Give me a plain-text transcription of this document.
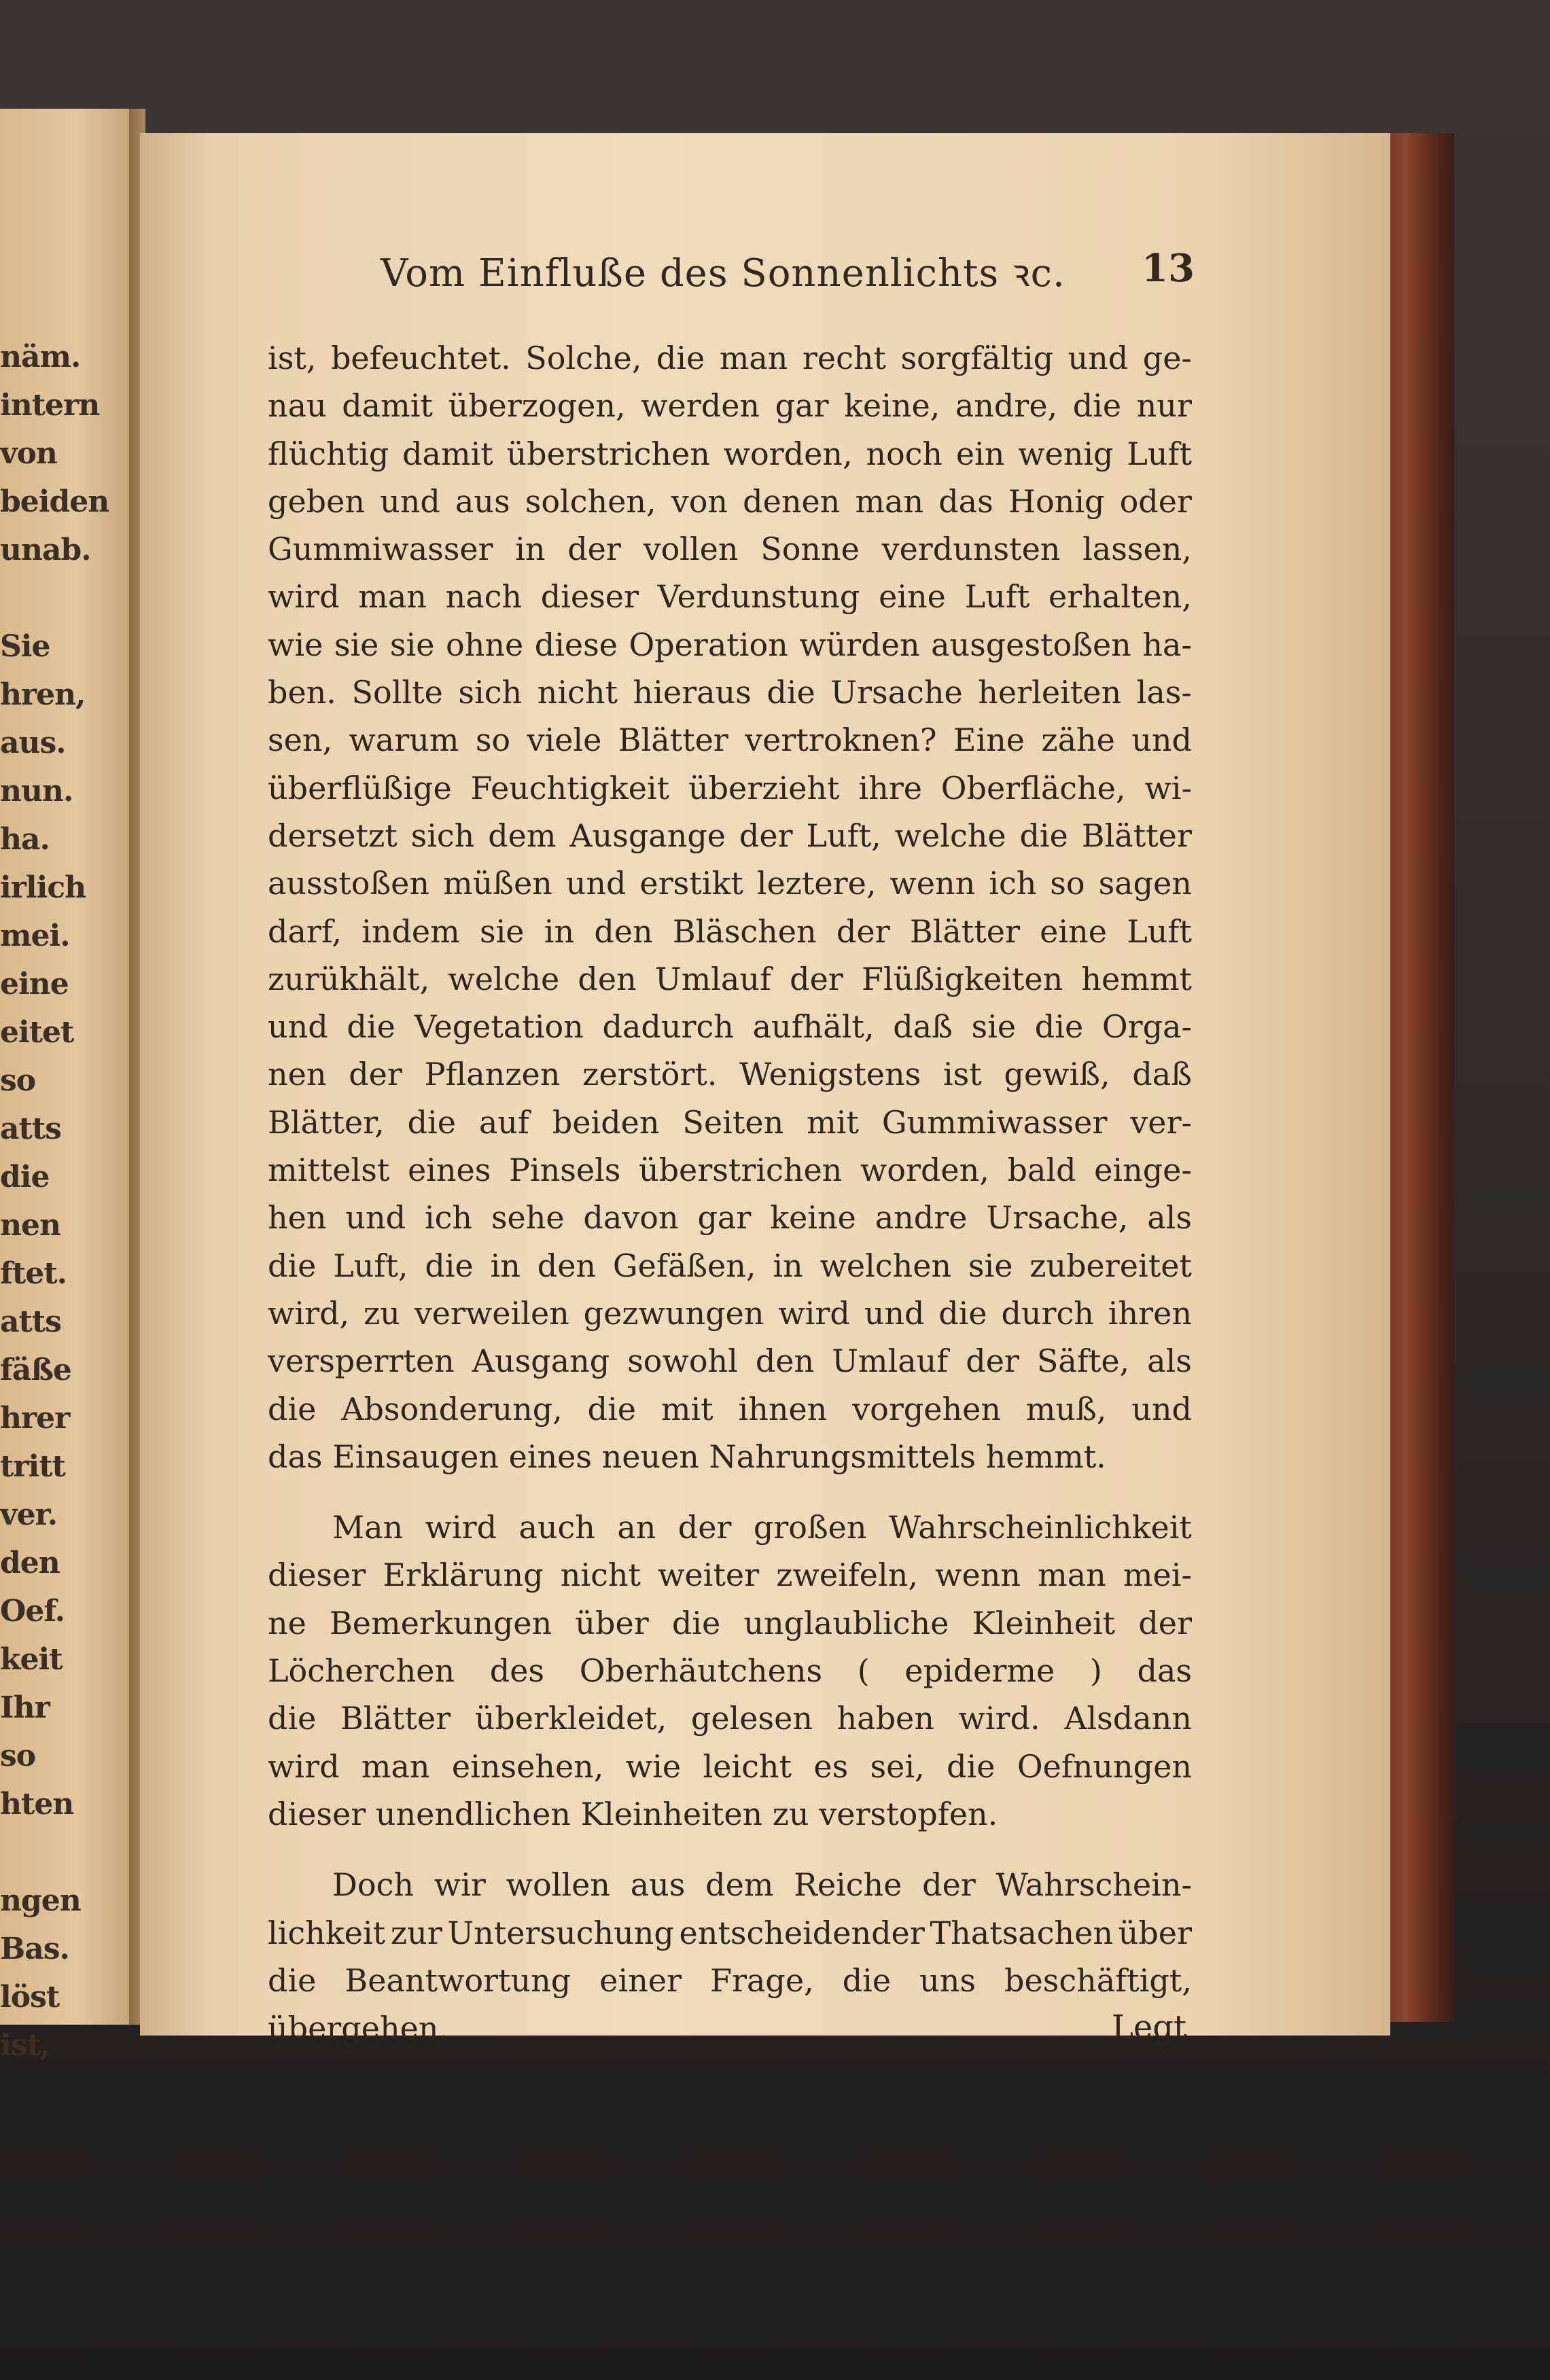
näm.
intern
von
beiden
unab.

Sie
hren,
aus.
nun.
ha.
irlich
mei.
eine
eitet
so
atts
die
nen
ftet.
atts
fäße
hrer
tritt
ver.
den
Oef.
keit
Ihr
so
hten

ngen
Bas.
löst
ist,
Vom Einfluße des Sonnenlichts ꝛc. 13
ist, befeuchtet. Solche, die man recht sorgfältig und ge-
nau damit überzogen, werden gar keine, andre, die nur
flüchtig damit überstrichen worden, noch ein wenig Luft
geben und aus solchen, von denen man das Honig oder
Gummiwasser in der vollen Sonne verdunsten lassen,
wird man nach dieser Verdunstung eine Luft erhalten,
wie sie sie ohne diese Operation würden ausgestoßen ha-
ben. Sollte sich nicht hieraus die Ursache herleiten las-
sen, warum so viele Blätter vertroknen? Eine zähe und
überflüßige Feuchtigkeit überzieht ihre Oberfläche, wi-
dersetzt sich dem Ausgange der Luft, welche die Blätter
ausstoßen müßen und erstikt leztere, wenn ich so sagen
darf, indem sie in den Bläschen der Blätter eine Luft
zurükhält, welche den Umlauf der Flüßigkeiten hemmt
und die Vegetation dadurch aufhält, daß sie die Orga-
nen der Pflanzen zerstört. Wenigstens ist gewiß, daß
Blätter, die auf beiden Seiten mit Gummiwasser ver-
mittelst eines Pinsels überstrichen worden, bald einge-
hen und ich sehe davon gar keine andre Ursache, als
die Luft, die in den Gefäßen, in welchen sie zubereitet
wird, zu verweilen gezwungen wird und die durch ihren
versperrten Ausgang sowohl den Umlauf der Säfte, als
die Absonderung, die mit ihnen vorgehen muß, und
das Einsaugen eines neuen Nahrungsmittels hemmt.
Man wird auch an der großen Wahrscheinlichkeit
dieser Erklärung nicht weiter zweifeln, wenn man mei-
ne Bemerkungen über die unglaubliche Kleinheit der
Löcherchen des Oberhäutchens ( epiderme ) das
die Blätter überkleidet, gelesen haben wird. Alsdann
wird man einsehen, wie leicht es sei, die Oefnungen
dieser unendlichen Kleinheiten zu verstopfen.
Doch wir wollen aus dem Reiche der Wahrschein-
lichkeit zur Untersuchung entscheidender Thatsachen über
die Beantwortung einer Frage, die uns beschäftigt,
übergehen.	Legt
